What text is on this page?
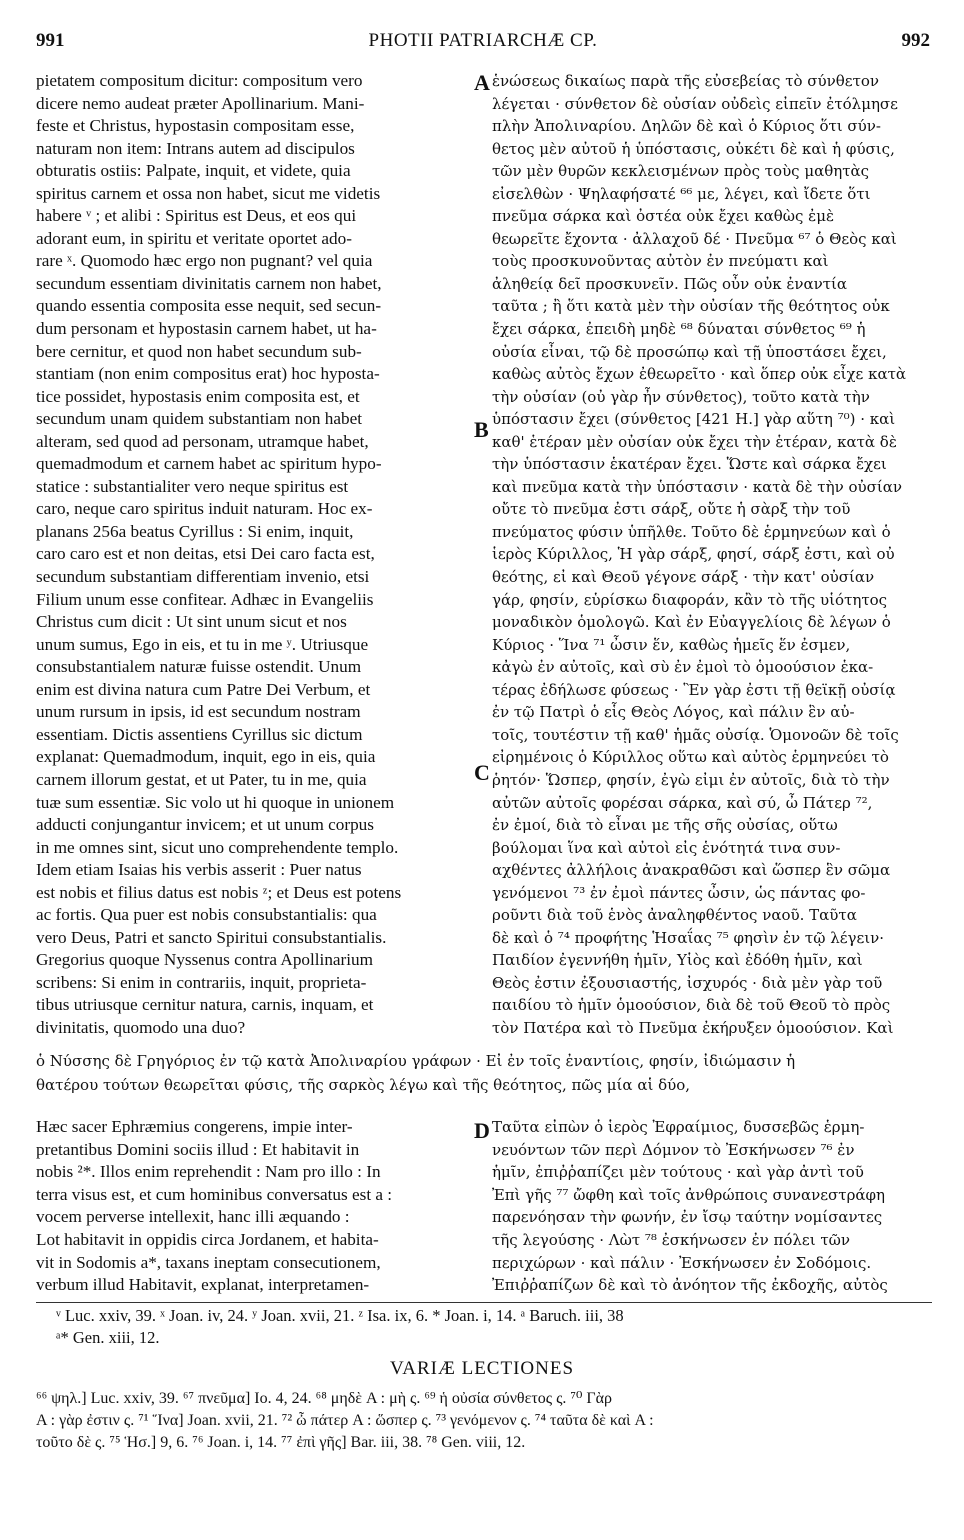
991	PHOTII PATRIARCHÆ CP.	992
pietatem compositum dicitur: compositum vero
dicere nemo audeat præter Apollinarium. Mani-
feste et Christus, hypostasin compositam esse,
naturam non item: Intrans autem ad discipulos
obturatis ostiis: Palpate, inquit, et videte, quia
spiritus carnem et ossa non habet, sicut me videtis
habere ᵛ ; et alibi : Spiritus est Deus, et eos qui
adorant eum, in spiritu et veritate oportet ado-
rare ˣ. Quomodo hæc ergo non pugnant? vel quia
secundum essentiam divinitatis carnem non habet,
quando essentia composita esse nequit, sed secun-
dum personam et hypostasin carnem habet, ut ha-
bere cernitur, et quod non habet secundum sub-
stantiam (non enim compositus erat) hoc hyposta-
tice possidet, hypostasis enim composita est, et
secundum unam quidem substantiam non habet
alteram, sed quod ad personam, utramque habet,
quemadmodum et carnem habet ac spiritum hypo-
statice : substantialiter vero neque spiritus est
caro, neque caro spiritus induit naturam. Hoc ex-
planans 256a beatus Cyrillus : Si enim, inquit,
caro caro est et non deitas, etsi Dei caro facta est,
secundum substantiam differentiam invenio, etsi
Filium unum esse confitear. Adhæc in Evangeliis
Christus cum dicit : Ut sint unum sicut et nos
unum sumus, Ego in eis, et tu in me ʸ. Utriusque
consubstantialem naturæ fuisse ostendit. Unum
enim est divina natura cum Patre Dei Verbum, et
unum rursum in ipsis, id est secundum nostram
essentiam. Dictis assentiens Cyrillus sic dictum
explanat: Quemadmodum, inquit, ego in eis, quia
carnem illorum gestat, et ut Pater, tu in me, quia
tuæ sum essentiæ. Sic volo ut hi quoque in unionem
adducti conjungantur invicem; et ut unum corpus
in me omnes sint, sicut uno comprehendente templo.
Idem etiam Isaias his verbis asserit : Puer natus
est nobis et filius datus est nobis ᶻ; et Deus est potens
ac fortis. Qua puer est nobis consubstantialis: qua
vero Deus, Patri et sancto Spiritui consubstantialis.
Gregorius quoque Nyssenus contra Apollinarium
scribens: Si enim in contrariis, inquit, proprieta-
tibus utriusque cernitur natura, carnis, inquam, et
divinitatis, quomodo una duo?
ἑνώσεως δικαίως παρὰ τῆς εὐσεβείας τὸ σύνθετον
λέγεται · σύνθετον δὲ οὐσίαν οὐδεὶς εἰπεῖν ἐτόλμησε
πλὴν Ἀπολιναρίου. Δηλῶν δὲ καὶ ὁ Κύριος ὅτι σύν-
θετος μὲν αὐτοῦ ἡ ὑπόστασις, οὐκέτι δὲ καὶ ἡ φύσις,
τῶν μὲν θυρῶν κεκλεισμένων πρὸς τοὺς μαθητὰς
εἰσελθὼν · Ψηλαφήσατέ ⁶⁶ με, λέγει, καὶ ἴδετε ὅτι
πνεῦμα σάρκα καὶ ὀστέα οὐκ ἔχει καθὼς ἐμὲ
θεωρεῖτε ἔχοντα · ἀλλαχοῦ δέ · Πνεῦμα ⁶⁷ ὁ Θεὸς καὶ
τοὺς προσκυνοῦντας αὐτὸν ἐν πνεύματι καὶ
ἀληθείᾳ δεῖ προσκυνεῖν. Πῶς οὖν οὐκ ἐναντία
ταῦτα ; ἢ ὅτι κατὰ μὲν τὴν οὐσίαν τῆς θεότητος οὐκ
ἔχει σάρκα, ἐπειδὴ μηδὲ ⁶⁸ δύναται σύνθετος ⁶⁹ ἡ
οὐσία εἶναι, τῷ δὲ προσώπῳ καὶ τῇ ὑποστάσει ἔχει,
καθὼς αὐτὸς ἔχων ἐθεωρεῖτο · καὶ ὅπερ οὐκ εἶχε κατὰ
τὴν οὐσίαν (οὐ γὰρ ἦν σύνθετος), τοῦτο κατὰ τὴν
ὑπόστασιν ἔχει (σύνθετος [421 H.] γὰρ αὕτη ⁷⁰) · καὶ
καθ' ἑτέραν μὲν οὐσίαν οὐκ ἔχει τὴν ἑτέραν, κατὰ δὲ
τὴν ὑπόστασιν ἑκατέραν ἔχει. Ὥστε καὶ σάρκα ἔχει
καὶ πνεῦμα κατὰ τὴν ὑπόστασιν · κατὰ δὲ τὴν οὐσίαν
οὔτε τὸ πνεῦμα ἐστι σάρξ, οὔτε ἡ σὰρξ τὴν τοῦ
πνεύματος φύσιν ὑπῆλθε. Τοῦτο δὲ ἑρμηνεύων καὶ ὁ
ἱερὸς Κύριλλος, Ἡ γὰρ σάρξ, φησί, σάρξ ἐστι, καὶ οὐ
θεότης, εἰ καὶ Θεοῦ γέγονε σάρξ · τὴν κατ' οὐσίαν
γάρ, φησίν, εὑρίσκω διαφοράν, κἂν τὸ τῆς υἱότητος
μοναδικὸν ὁμολογῶ. Καὶ ἐν Εὐαγγελίοις δὲ λέγων ὁ
Κύριος · Ἵνα ⁷¹ ὦσιν ἕν, καθὼς ἡμεῖς ἕν ἐσμεν,
κἀγὼ ἐν αὐτοῖς, καὶ σὺ ἐν ἐμοὶ τὸ ὁμοούσιον ἑκα-
τέρας ἐδήλωσε φύσεως · Ἓν γὰρ ἐστι τῇ θεϊκῇ οὐσίᾳ
ἐν τῷ Πατρὶ ὁ εἷς Θεὸς Λόγος, καὶ πάλιν ἓν αὐ-
τοῖς, τουτέστιν τῇ καθ' ἡμᾶς οὐσίᾳ. Ὁμονοῶν δὲ τοῖς
εἰρημένοις ὁ Κύριλλος οὕτω καὶ αὐτὸς ἑρμηνεύει τὸ
ῥητόν· Ὥσπερ, φησίν, ἐγὼ εἰμι ἐν αὐτοῖς, διὰ τὸ τὴν
αὐτῶν αὐτοῖς φορέσαι σάρκα, καὶ σύ, ὦ Πάτερ ⁷²,
ἐν ἐμοί, διὰ τὸ εἶναι με τῆς σῆς οὐσίας, οὕτω
βούλομαι ἵνα καὶ αὐτοὶ εἰς ἑνότητά τινα συν-
αχθέντες ἀλλήλοις ἀνακραθῶσι καὶ ὥσπερ ἓν σῶμα
γενόμενοι ⁷³ ἐν ἐμοὶ πάντες ὦσιν, ὡς πάντας φο-
ροῦντι διὰ τοῦ ἑνὸς ἀναληφθέντος ναοῦ. Ταῦτα
δὲ καὶ ὁ ⁷⁴ προφήτης Ἡσαΐας ⁷⁵ φησὶν ἐν τῷ λέγειν·
Παιδίον ἐγεννήθη ἡμῖν, Υἱὸς καὶ ἐδόθη ἡμῖν, καὶ
Θεὸς ἐστιν ἐξουσιαστής, ἰσχυρός · διὰ μὲν γὰρ τοῦ
παιδίου τὸ ἡμῖν ὁμοούσιον, διὰ δὲ τοῦ Θεοῦ τὸ πρὸς
τὸν Πατέρα καὶ τὸ Πνεῦμα ἐκήρυξεν ὁμοούσιον. Καὶ
A
B
C
D
ὁ Νύσσης δὲ Γρηγόριος ἐν τῷ κατὰ Ἀπολιναρίου γράφων · Εἰ ἐν τοῖς ἐναντίοις, φησίν, ἰδιώμασιν ἡ
θατέρου τούτων θεωρεῖται φύσις, τῆς σαρκὸς λέγω καὶ τῆς θεότητος, πῶς μία αἱ δύο,
Hæc sacer Ephræmius congerens, impie inter-
pretantibus Domini sociis illud : Et habitavit in
nobis ²*. Illos enim reprehendit : Nam pro illo : In
terra visus est, et cum hominibus conversatus est a :
vocem perverse intellexit, hanc illi æquando :
Lot habitavit in oppidis circa Jordanem, et habita-
vit in Sodomis a*, taxans ineptam consecutionem,
verbum illud Habitavit, explanat, interpretamen-
Ταῦτα εἰπὼν ὁ ἱερὸς Ἐφραίμιος, δυσσεβῶς ἑρμη-
νευόντων τῶν περὶ Δόμνον τὸ Ἐσκήνωσεν ⁷⁶ ἐν
ἡμῖν, ἐπιῤῥαπίζει μὲν τούτους · καὶ γὰρ ἀντὶ τοῦ
Ἐπὶ γῆς ⁷⁷ ὤφθη καὶ τοῖς ἀνθρώποις συνανεστράφη
παρενόησαν τὴν φωνήν, ἐν ἴσῳ ταύτην νομίσαντες
τῆς λεγούσης · Λὼτ ⁷⁸ ἐσκήνωσεν ἐν πόλει τῶν
περιχώρων · καὶ πάλιν · Ἐσκήνωσεν ἐν Σοδόμοις.
Ἐπιῤῥαπίζων δὲ καὶ τὸ ἀνόητον τῆς ἐκδοχῆς, αὐτὸς
ᵛ Luc. xxiv, 39. ˣ Joan. iv, 24. ʸ Joan. xvii, 21. ᶻ Isa. ix, 6. * Joan. i, 14. ᵃ Baruch. iii, 38
ᵃ* Gen. xiii, 12.
VARIÆ LECTIONES
⁶⁶ ψηλ.] Luc. xxiv, 39. ⁶⁷ πνεῦμα] Io. 4, 24. ⁶⁸ μηδὲ A : μὴ ς. ⁶⁹ ἡ οὐσία σύνθετος ς. ⁷⁰ Γὰρ
A : γὰρ ἐστιν ς. ⁷¹ Ἵνα] Joan. xvii, 21. ⁷² ὦ πάτερ A : ὥσπερ ς. ⁷³ γενόμενον ς. ⁷⁴ ταῦτα δὲ καὶ A :
τοῦτο δὲ ς. ⁷⁵ Ἡσ.] 9, 6. ⁷⁶ Joan. i, 14. ⁷⁷ ἐπὶ γῆς] Bar. iii, 38. ⁷⁸ Gen. viii, 12.
